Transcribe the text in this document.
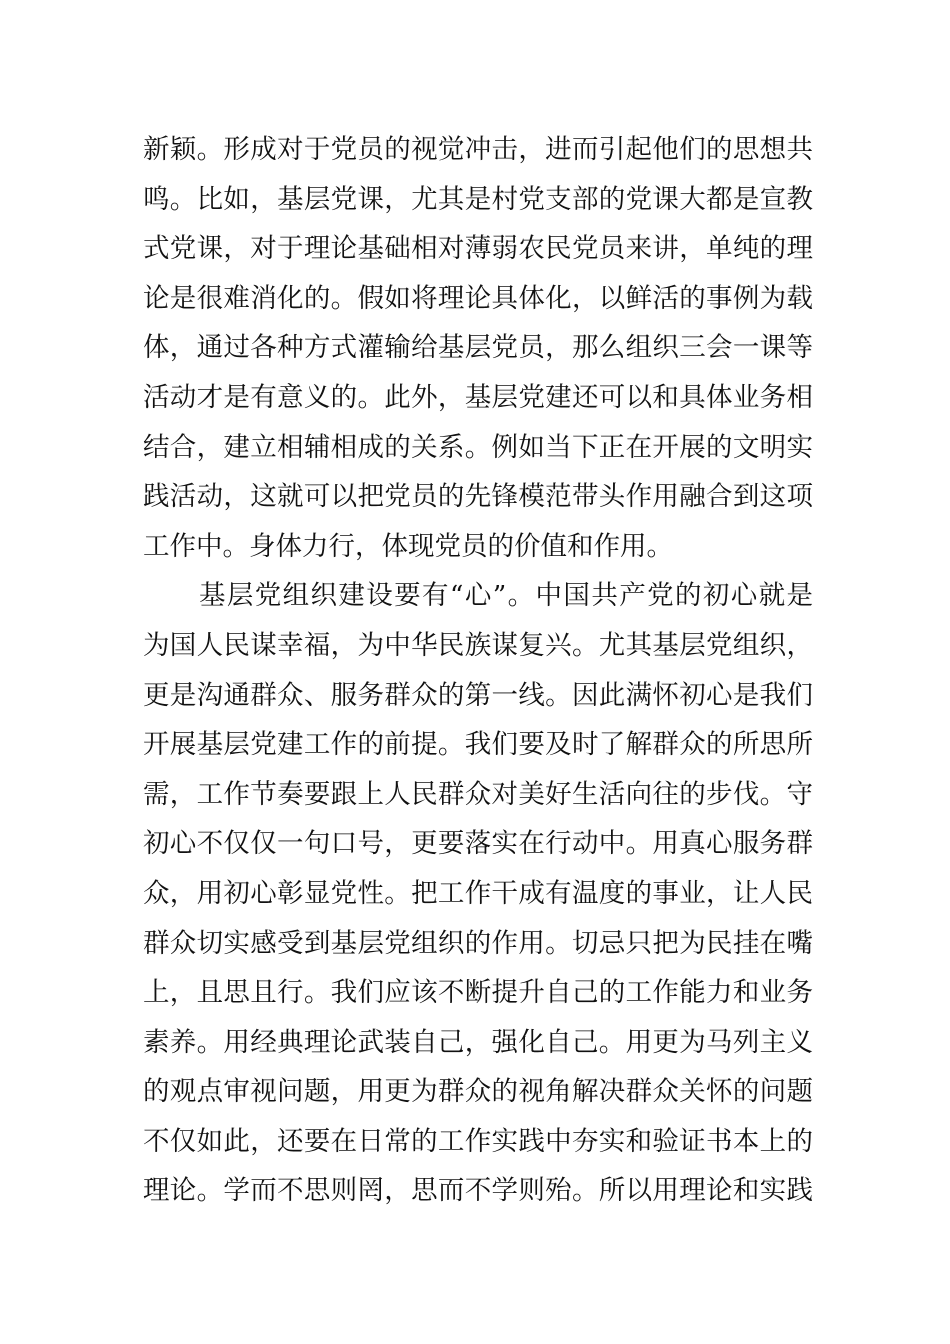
新颖。形成对于党员的视觉冲击，进而引起他们的思想共
鸣。比如，基层党课，尤其是村党支部的党课大都是宣教
式党课，对于理论基础相对薄弱农民党员来讲，单纯的理
论是很难消化的。假如将理论具体化，以鲜活的事例为载
体，通过各种方式灌输给基层党员，那么组织三会一课等
活动才是有意义的。此外，基层党建还可以和具体业务相
结合，建立相辅相成的关系。例如当下正在开展的文明实
践活动，这就可以把党员的先锋模范带头作用融合到这项
工作中。身体力行，体现党员的价值和作用。
基层党组织建设要有“心”。中国共产党的初心就是
为国人民谋幸福，为中华民族谋复兴。尤其基层党组织，
更是沟通群众、服务群众的第一线。因此满怀初心是我们
开展基层党建工作的前提。我们要及时了解群众的所思所
需，工作节奏要跟上人民群众对美好生活向往的步伐。守
初心不仅仅一句口号，更要落实在行动中。用真心服务群
众，用初心彰显党性。把工作干成有温度的事业，让人民
群众切实感受到基层党组织的作用。切忌只把为民挂在嘴
上，且思且行。我们应该不断提升自己的工作能力和业务
素养。用经典理论武装自己，强化自己。用更为马列主义
的观点审视问题，用更为群众的视角解决群众关怀的问题
不仅如此，还要在日常的工作实践中夯实和验证书本上的
理论。学而不思则罔，思而不学则殆。所以用理论和实践
